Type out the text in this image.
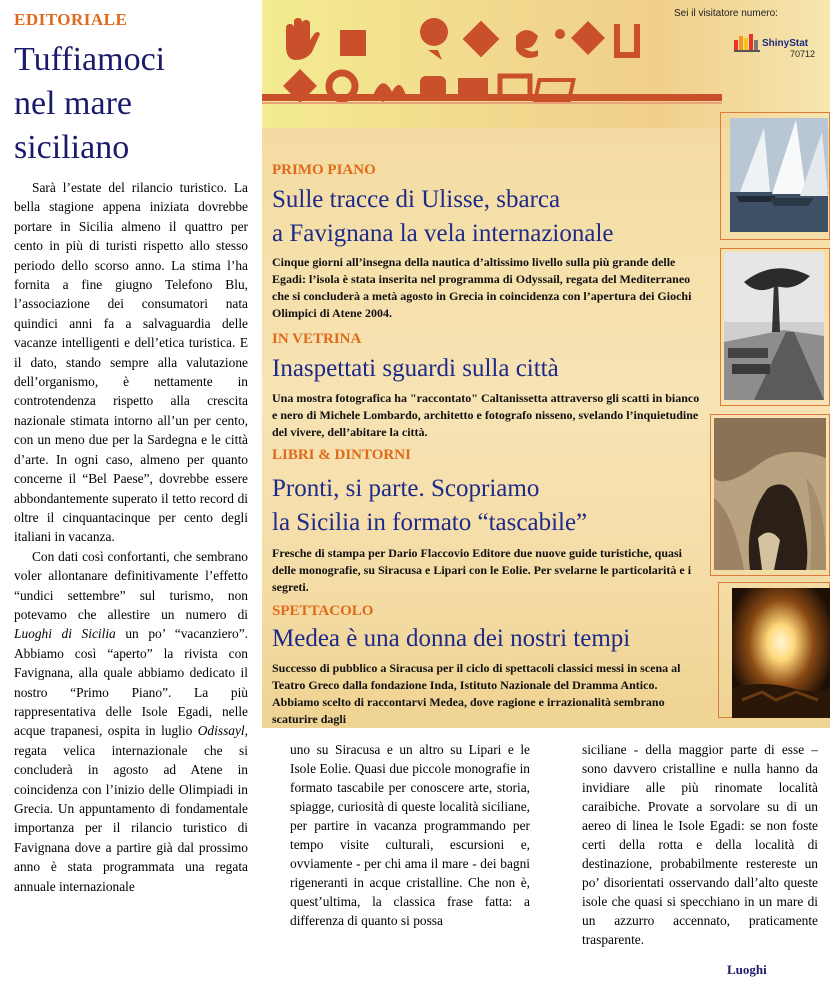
EDITORIALE
Tuffiamoci
nel mare
siciliano

Sarà l’estate del rilancio turistico. La bella stagione appena iniziata dovrebbe portare in Sicilia almeno il quattro per cento in più di turisti rispetto allo stesso periodo dello scorso anno. La stima l’ha fornita a fine giugno Telefono Blu, l’associazione dei consumatori nata quindici anni fa a salvaguardia delle vacanze intelligenti e dell’etica turistica. E il dato, stando sempre alla valutazione dell’organismo, è nettamente in controtendenza rispetto alla crescita nazionale stimata intorno all’un per cento, con un meno due per la Sardegna e le città d’arte. In ogni caso, almeno per quanto concerne il “Bel Paese”, dovrebbe essere abbondantemente superato il tetto record di oltre il cinquantacinque per cento degli italiani in vacanza.

Con dati così confortanti, che sembrano voler allontanare definitivamente l’effetto “undici settembre” sul turismo, non potevamo che allestire un numero di Luoghi di Sicilia un po’ “vacanziero”. Abbiamo così “aperto” la rivista con Favignana, alla quale abbiamo dedicato il nostro “Primo Piano”. La più rappresentativa delle Isole Egadi, nelle acque trapanesi, ospita in luglio Odissayl, regata velica internazionale che si concluderà in agosto ad Atene in coincidenza con l’inizio delle Olimpiadi in Grecia. Un appuntamento di fondamentale importanza per il rilancio turistico di Favignana dove a partire già dal prossimo anno è stata programmata una regata annuale internazionale

Sei il visitatore numero:
ShinyStat
70712
PRIMO PIANO
Sulle tracce di Ulisse, sbarca
a Favignana la vela internazionale
Cinque giorni all’insegna della nautica d’altissimo livello sulla più grande delle Egadi: l’isola è stata inserita nel programma di Odyssail, regata del Mediterraneo che si concluderà a metà agosto in Grecia in coincidenza con l’apertura dei Giochi Olimpici di Atene 2004.
IN VETRINA
Inaspettati sguardi sulla città
Una mostra fotografica ha "raccontato" Caltanissetta attraverso gli scatti in bianco e nero di Michele Lombardo, architetto e fotografo nisseno, svelando l’inquietudine del vivere, dell’abitare la città.
LIBRI & DINTORNI
Pronti, si parte. Scopriamo
la Sicilia in formato “tascabile”
Fresche di stampa per Dario Flaccovio Editore due nuove guide turistiche, quasi delle monografie, su Siracusa e Lipari con le Eolie. Per svelarne le particolarità e i segreti.
SPETTACOLO
Medea è una donna dei nostri tempi
Successo di pubblico a Siracusa per il ciclo di spettacoli classici messi in scena al Teatro Greco dalla fondazione Inda, Istituto Nazionale del Dramma Antico. Abbiamo scelto di raccontarvi Medea, dove ragione e irrazionalità sembrano scaturire dagli
uno su Siracusa e un altro su Lipari e le Isole Eolie. Quasi due piccole monografie in formato tascabile per conoscere arte, storia, spiagge, curiosità di queste località siciliane, per partire in vacanza programmando per tempo visite culturali, escursioni e, ovviamente - per chi ama il mare - dei bagni rigeneranti in acque cristalline. Che non è, quest’ultima, la classica frase fatta: a differenza di quanto si possa
siciliane - della maggior parte di esse – sono davvero cristalline e nulla hanno da invidiare alle più rinomate località caraibiche. Provate a sorvolare su di un aereo di linea le Isole Egadi: se non foste certi della rotta e della località di destinazione, probabilmente restereste un po’ disorientati osservando dall’alto queste isole che quasi si specchiano in un mare di un azzurro accennato, praticamente trasparente.
Luoghi
